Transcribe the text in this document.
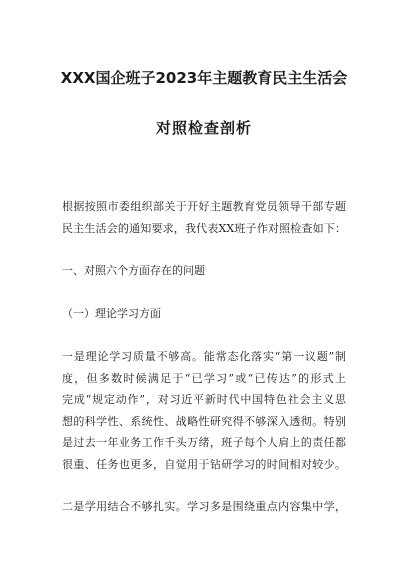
XXX国企班子2023年主题教育民主生活会
对照检查剖析
根据按照市委组织部关于开好主题教育党员领导干部专题
民主生活会的通知要求，我代表XX班子作对照检查如下：
一、对照六个方面存在的问题
（一）理论学习方面
一是理论学习质量不够高。能常态化落实“第一议题”制
度，但多数时候满足于“已学习”或“已传达”的形式上
完成“规定动作”，对习近平新时代中国特色社会主义思
想的科学性、系统性、战略性研究得不够深入透彻。特别
是过去一年业务工作千头万绪，班子每个人肩上的责任都
很重、任务也更多，自觉用于钻研学习的时间相对较少。
二是学用结合不够扎实。学习多是围绕重点内容集中学，
